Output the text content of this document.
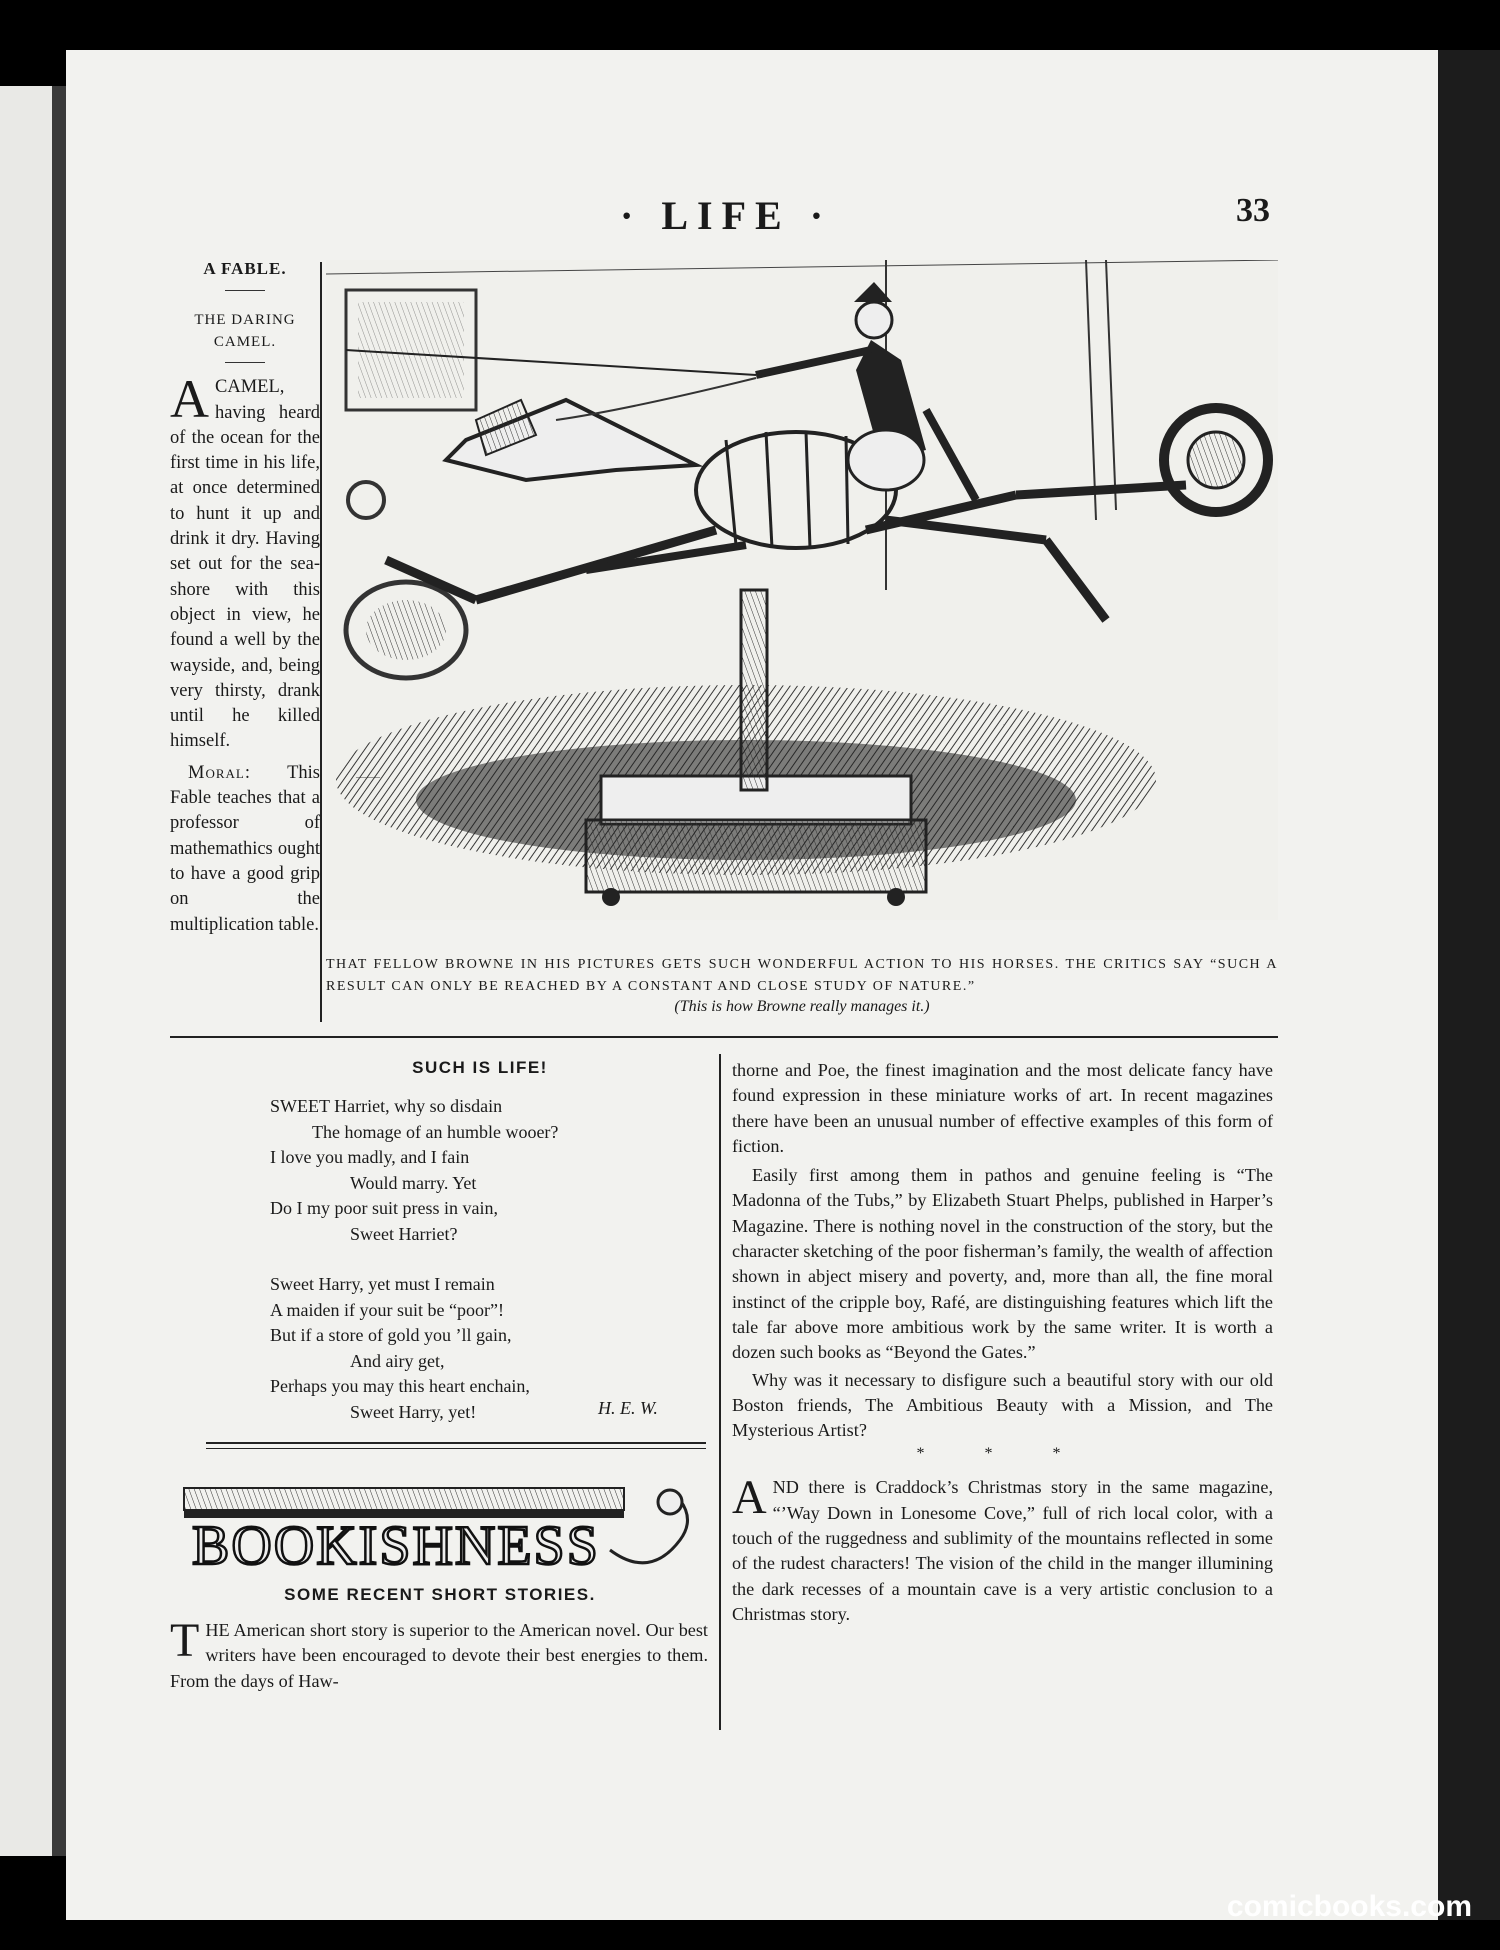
· LIFE ·	33
A FABLE.
THE DARING
CAMEL.
ACAMEL, having heard of the ocean for the first time in his life, at once determined to hunt it up and drink it dry. Having set out for the sea-shore with this object in view, he found a well by the wayside, and, being very thirsty, drank until he killed himself.
Moral: This Fable teaches that a professor of mathemathics ought to have a good grip on the multiplication table.
———
THAT FELLOW BROWNE IN HIS PICTURES GETS SUCH WONDERFUL ACTION TO HIS HORSES. THE CRITICS SAY “SUCH A RESULT CAN ONLY BE REACHED BY A CONSTANT AND CLOSE STUDY OF NATURE.”
(This is how Browne really manages it.)
SUCH IS LIFE!
SWEET Harriet, why so disdain
The homage of an humble wooer?
I love you madly, and I fain
Would marry. Yet
Do I my poor suit press in vain,
Sweet Harriet?
Sweet Harry, yet must I remain
A maiden if your suit be “poor”!
But if a store of gold you ’ll gain,
And airy get,
Perhaps you may this heart enchain,
Sweet Harry, yet!	H. E. W.
BOOKISHNESS
SOME RECENT SHORT STORIES.

THE American short story is superior to the American novel. Our best writers have been encouraged to devote their best energies to them. From the days of Haw-

thorne and Poe, the finest imagination and the most delicate fancy have found expression in these miniature works of art. In recent magazines there have been an unusual number of effective examples of this form of fiction.

Easily first among them in pathos and genuine feeling is “The Madonna of the Tubs,” by Elizabeth Stuart Phelps, published in Harper’s Magazine. There is nothing novel in the construction of the story, but the character sketching of the poor fisherman’s family, the wealth of affection shown in abject misery and poverty, and, more than all, the fine moral instinct of the cripple boy, Rafé, are distinguishing features which lift the tale far above more ambitious work by the same writer. It is worth a dozen such books as “Beyond the Gates.”

Why was it necessary to disfigure such a beautiful story with our old Boston friends, The Ambitious Beauty with a Mission, and The Mysterious Artist?

* * *

AND there is Craddock’s Christmas story in the same magazine, “’Way Down in Lonesome Cove,” full of rich local color, with a touch of the ruggedness and sublimity of the mountains reflected in some of the rudest characters! The vision of the child in the manger illumining the dark recesses of a mountain cave is a very artistic conclusion to a Christmas story.

comicbooks.com
